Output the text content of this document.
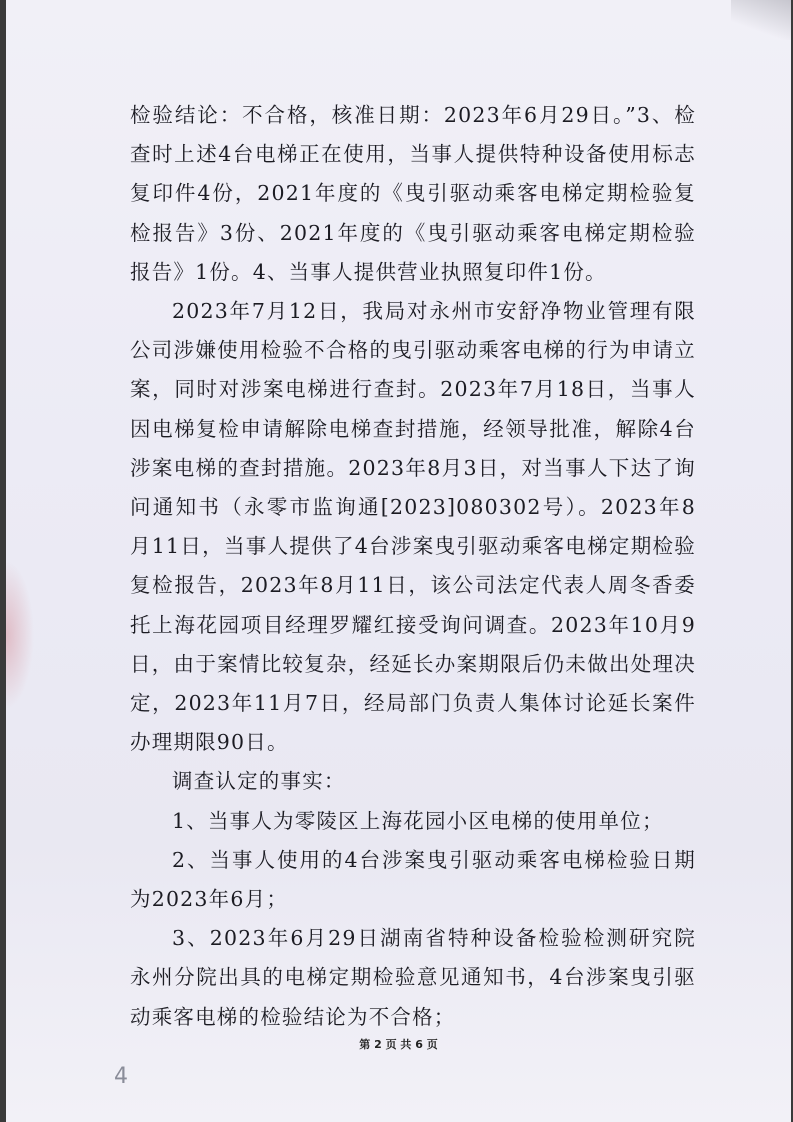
检验结论：不合格，核准日期：2023年6月29日。”3、检查时上述4台电梯正在使用，当事人提供特种设备使用标志复印件4份，2021年度的《曳引驱动乘客电梯定期检验复检报告》3份、2021年度的《曳引驱动乘客电梯定期检验报告》1份。4、当事人提供营业执照复印件1份。

2023年7月12日，我局对永州市安舒净物业管理有限公司涉嫌使用检验不合格的曳引驱动乘客电梯的行为申请立案，同时对涉案电梯进行查封。2023年7月18日，当事人因电梯复检申请解除电梯查封措施，经领导批准，解除4台涉案电梯的查封措施。2023年8月3日，对当事人下达了询问通知书（永零市监询通[2023]080302号）。2023年8月11日，当事人提供了4台涉案曳引驱动乘客电梯定期检验复检报告，2023年8月11日，该公司法定代表人周冬香委托上海花园项目经理罗耀红接受询问调查。2023年10月9日，由于案情比较复杂，经延长办案期限后仍未做出处理决定，2023年11月7日，经局部门负责人集体讨论延长案件办理期限90日。

调查认定的事实：

1、当事人为零陵区上海花园小区电梯的使用单位；

2、当事人使用的4台涉案曳引驱动乘客电梯检验日期为2023年6月；

3、2023年6月29日湖南省特种设备检验检测研究院永州分院出具的电梯定期检验意见通知书，4台涉案曳引驱动乘客电梯的检验结论为不合格；

第 2 页 共 6 页
4
